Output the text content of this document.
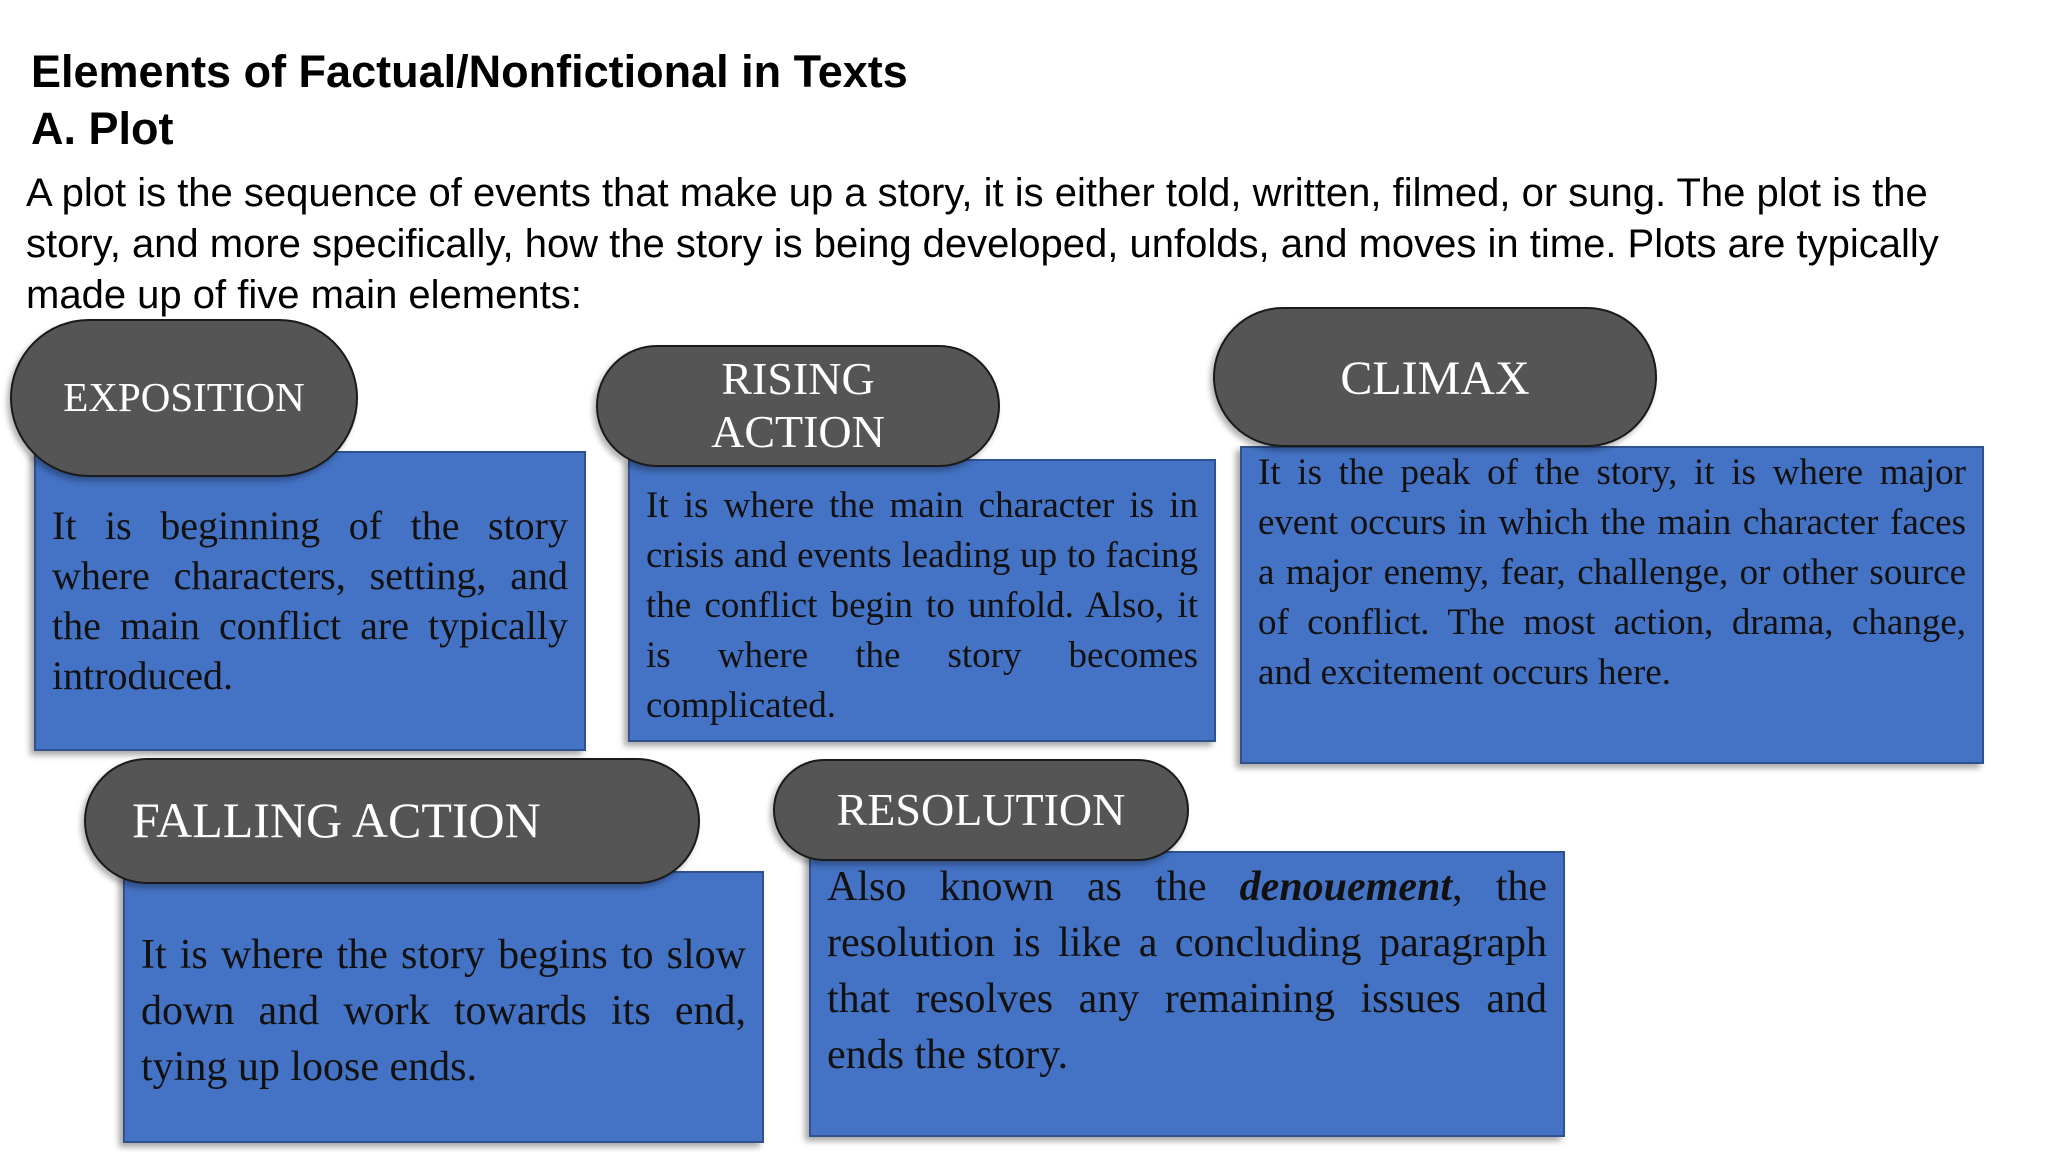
Elements of Factual/Nonfictional in Texts
A. Plot
A plot is the sequence of events that make up a story, it is either told, written, filmed, or sung. The plot is the story, and more specifically, how the story is being developed, unfolds, and moves in time. Plots are typically made up of five main elements:

It is beginning of the story where characters, setting, and the main conflict are typically introduced.

EXPOSITION

It is where the main character is in crisis and events leading up to facing the conflict begin to unfold. Also, it is where the story becomes complicated.

RISING ACTION

It is the peak of the story, it is where major event occurs in which the main character faces a major enemy, fear, challenge, or other source of conflict. The most action, drama, change, and excitement occurs here.

CLIMAX

It is where the story begins to slow down and work towards its end, tying up loose ends.

FALLING ACTION

Also known as the denouement, the resolution is like a concluding paragraph that resolves any remaining issues and ends the story.

RESOLUTION
